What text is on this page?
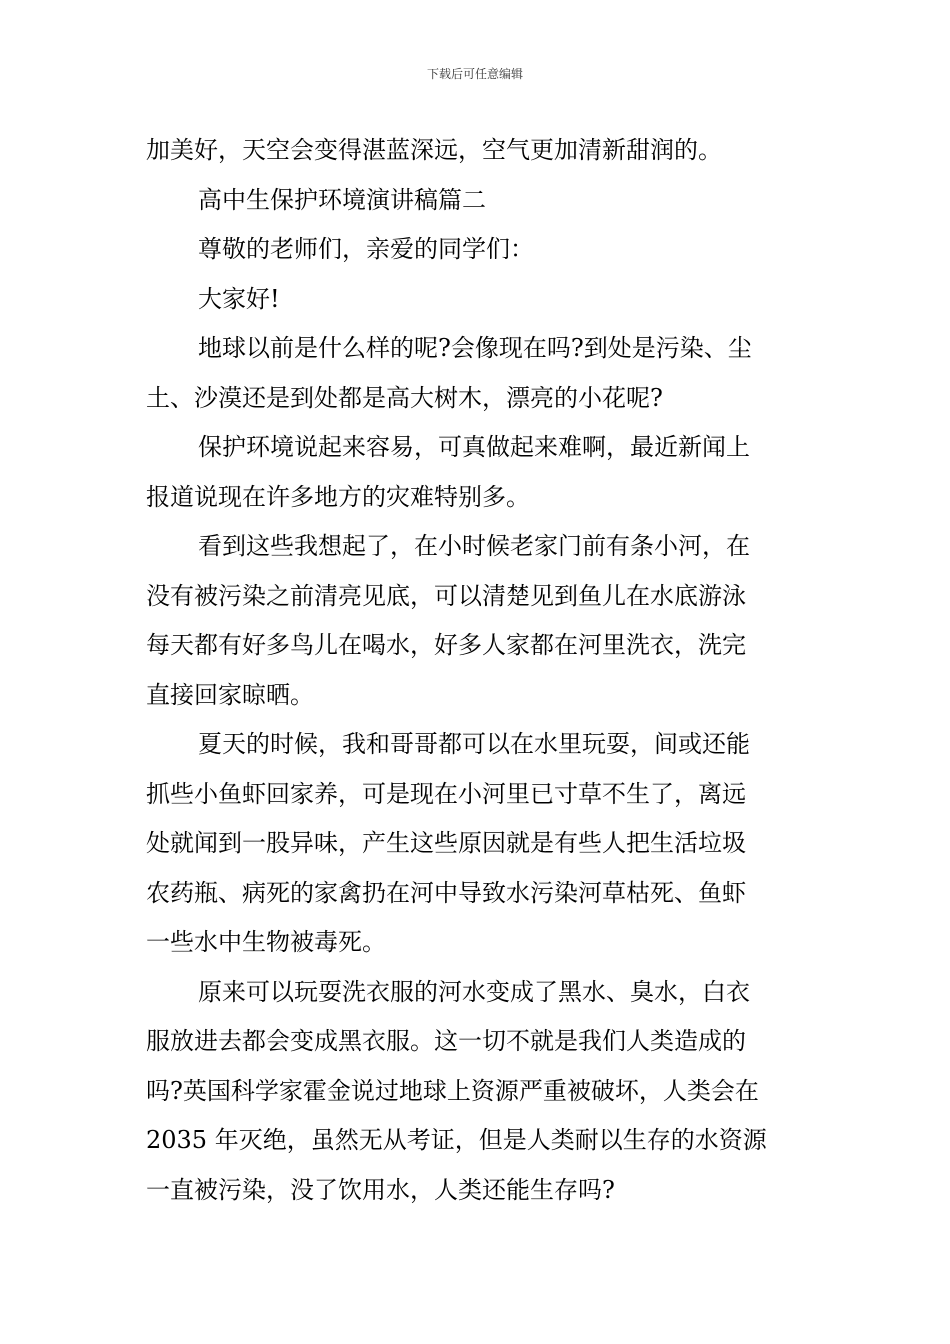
下载后可任意编辑
加美好，天空会变得湛蓝深远，空气更加清新甜润的。
高中生保护环境演讲稿篇二
尊敬的老师们，亲爱的同学们：
大家好!
地球以前是什么样的呢?会像现在吗?到处是污染、尘
土、沙漠还是到处都是高大树木，漂亮的小花呢?
保护环境说起来容易，可真做起来难啊，最近新闻上
报道说现在许多地方的灾难特别多。
看到这些我想起了，在小时候老家门前有条小河，在
没有被污染之前清亮见底，可以清楚见到鱼儿在水底游泳
每天都有好多鸟儿在喝水，好多人家都在河里洗衣，洗完
直接回家晾晒。
夏天的时候，我和哥哥都可以在水里玩耍，间或还能
抓些小鱼虾回家养，可是现在小河里已寸草不生了，离远
处就闻到一股异味，产生这些原因就是有些人把生活垃圾
农药瓶、病死的家禽扔在河中导致水污染河草枯死、鱼虾
一些水中生物被毒死。
原来可以玩耍洗衣服的河水变成了黑水、臭水，白衣
服放进去都会变成黑衣服。这一切不就是我们人类造成的
吗?英国科学家霍金说过地球上资源严重被破坏，人类会在
2035 年灭绝，虽然无从考证，但是人类耐以生存的水资源
一直被污染，没了饮用水，人类还能生存吗?
